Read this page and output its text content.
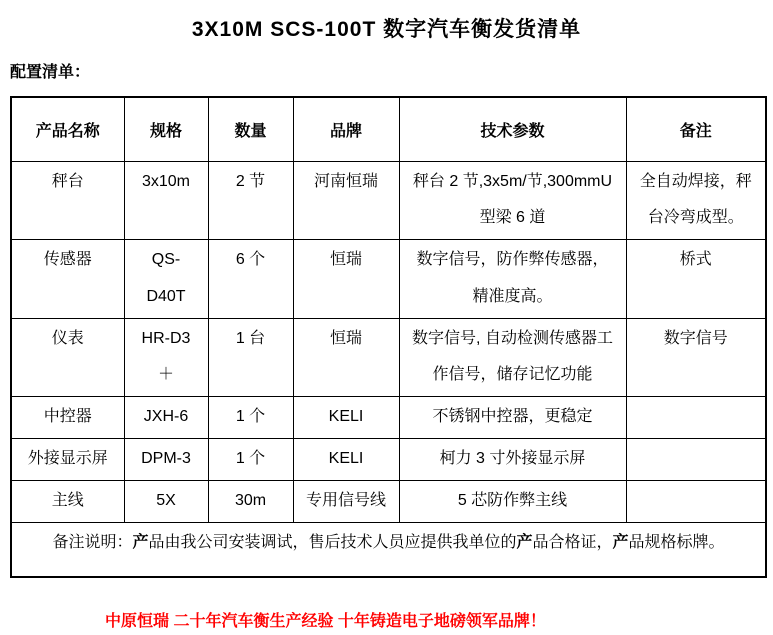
3X10M SCS-100T 数字汽车衡发货清单
配置清单：
产品名称	规格	数量	品牌	技术参数	备注
秤台	3x10m	2 节	河南恒瑞	秤台 2 节,3x5m/节,300mmU型梁 6 道	全自动焊接，秤台冷弯成型。
传感器	QS-D40T	6 个	恒瑞	数字信号，防作弊传感器，精准度高。	桥式
仪表	HR-D3＋	1 台	恒瑞	数字信号, 自动检测传感器工作信号，储存记忆功能	数字信号
中控器	JXH-6	1 个	KELI	不锈钢中控器，更稳定	
外接显示屏	DPM-3	1 个	KELI	柯力 3 寸外接显示屏	
主线	5X	30m	专用信号线	5 芯防作弊主线	
备注说明：产品由我公司安装调试，售后技术人员应提供我单位的产品合格证，产品规格标牌。					
中原恒瑞 二十年汽车衡生产经验 十年铸造电子地磅领军品牌！
